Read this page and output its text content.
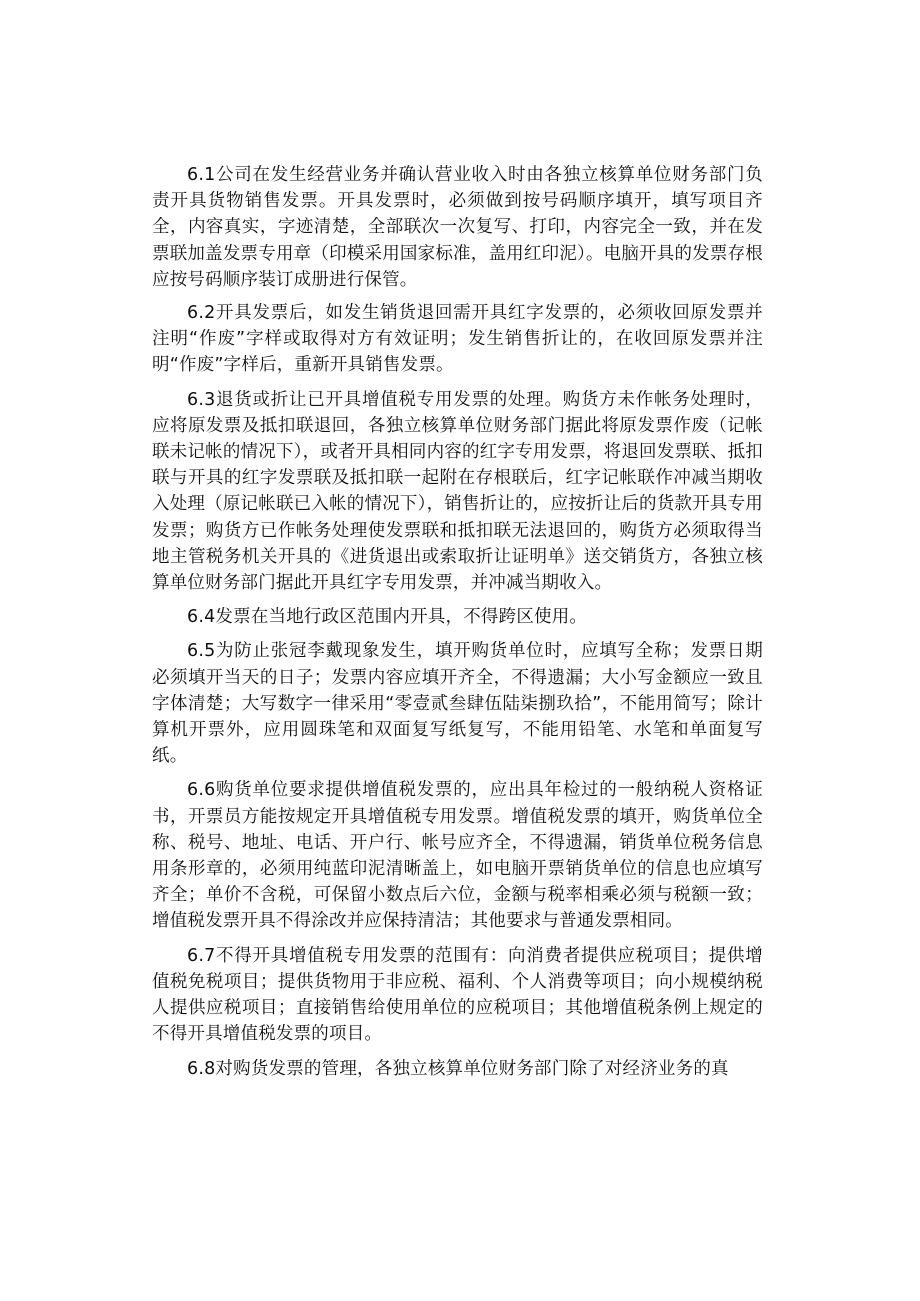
6.1公司在发生经营业务并确认营业收入时由各独立核算单位财务部门负责开具货物销售发票。开具发票时，必须做到按号码顺序填开，填写项目齐全，内容真实，字迹清楚，全部联次一次复写、打印，内容完全一致，并在发票联加盖发票专用章（印模采用国家标准，盖用红印泥）。电脑开具的发票存根应按号码顺序装订成册进行保管。

6.2开具发票后，如发生销货退回需开具红字发票的，必须收回原发票并注明“作废”字样或取得对方有效证明；发生销售折让的，在收回原发票并注明“作废”字样后，重新开具销售发票。

6.3退货或折让已开具增值税专用发票的处理。购货方未作帐务处理时，应将原发票及抵扣联退回，各独立核算单位财务部门据此将原发票作废（记帐联未记帐的情况下），或者开具相同内容的红字专用发票，将退回发票联、抵扣联与开具的红字发票联及抵扣联一起附在存根联后，红字记帐联作冲减当期收入处理（原记帐联已入帐的情况下），销售折让的，应按折让后的货款开具专用发票；购货方已作帐务处理使发票联和抵扣联无法退回的，购货方必须取得当地主管税务机关开具的《进货退出或索取折让证明单》送交销货方，各独立核算单位财务部门据此开具红字专用发票，并冲减当期收入。

6.4发票在当地行政区范围内开具，不得跨区使用。

6.5为防止张冠李戴现象发生，填开购货单位时，应填写全称；发票日期必须填开当天的日子；发票内容应填开齐全，不得遗漏；大小写金额应一致且字体清楚；大写数字一律采用“零壹贰叁肆伍陆柒捌玖拾”，不能用简写；除计算机开票外，应用圆珠笔和双面复写纸复写，不能用铅笔、水笔和单面复写纸。

6.6购货单位要求提供增值税发票的，应出具年检过的一般纳税人资格证书，开票员方能按规定开具增值税专用发票。增值税发票的填开，购货单位全称、税号、地址、电话、开户行、帐号应齐全，不得遗漏，销货单位税务信息用条形章的，必须用纯蓝印泥清晰盖上，如电脑开票销货单位的信息也应填写齐全；单价不含税，可保留小数点后六位，金额与税率相乘必须与税额一致；增值税发票开具不得涂改并应保持清洁；其他要求与普通发票相同。

6.7不得开具增值税专用发票的范围有：向消费者提供应税项目；提供增值税免税项目；提供货物用于非应税、福利、个人消费等项目；向小规模纳税人提供应税项目；直接销售给使用单位的应税项目；其他增值税条例上规定的不得开具增值税发票的项目。

6.8对购货发票的管理，各独立核算单位财务部门除了对经济业务的真
